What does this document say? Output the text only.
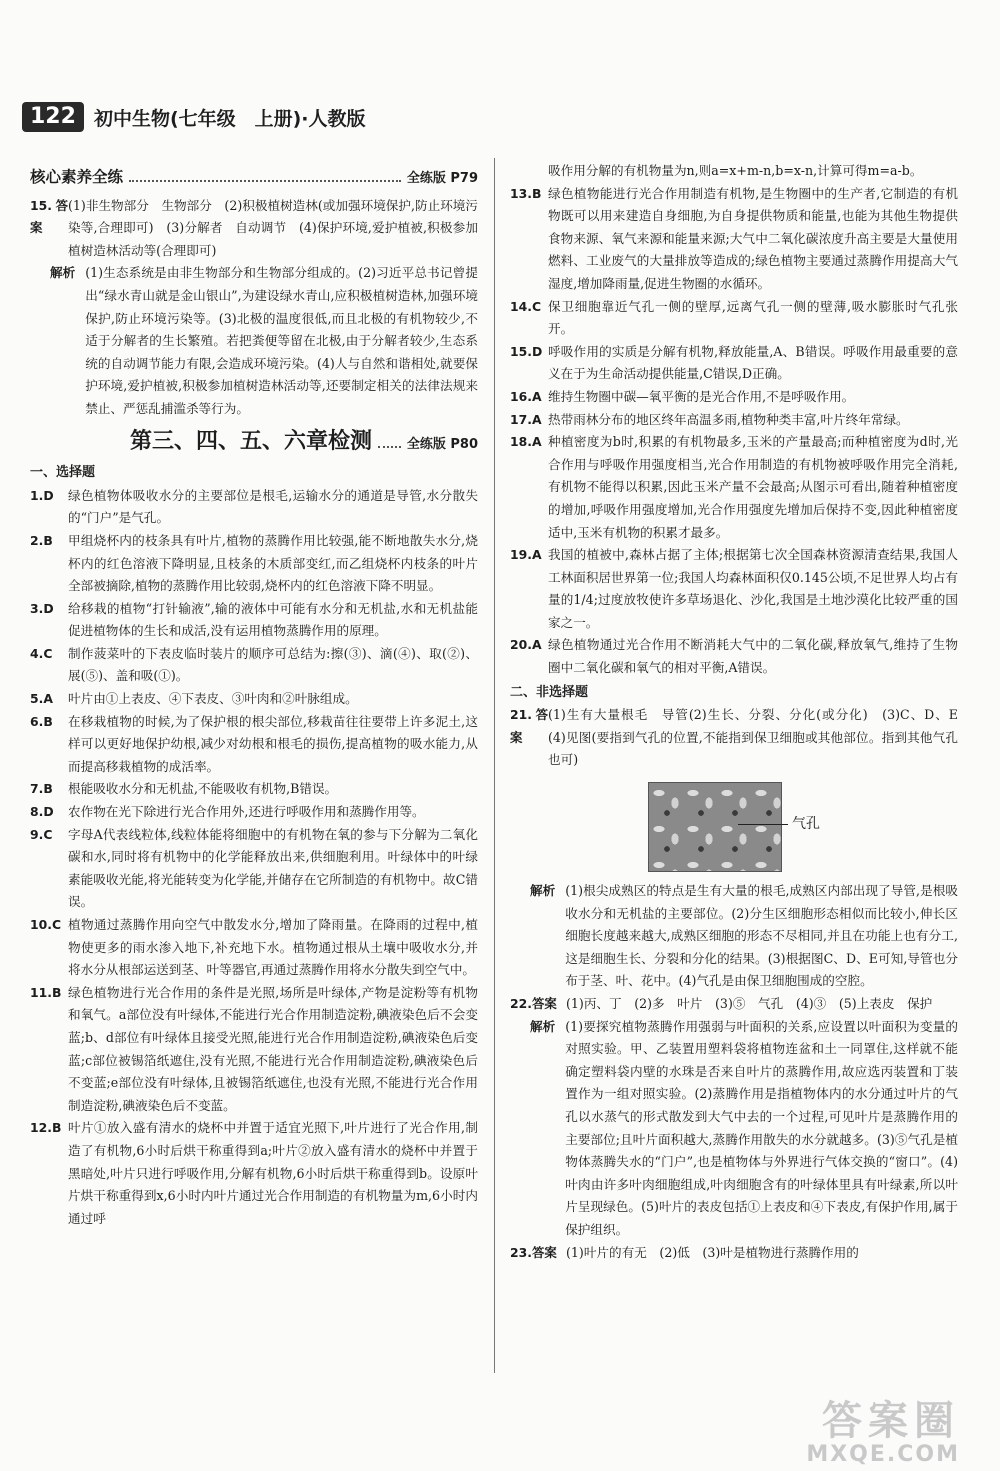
122 初中生物(七年级　上册)·人教版
核心素养全练	全练版 P79
15.答案
(1)非生物部分　生物部分　(2)积极植树造林(或加强环境保护,防止环境污染等,合理即可)　(3)分解者　自动调节　(4)保护环境,爱护植被,积极参加植树造林活动等(合理即可)
解析 (1)生态系统是由非生物部分和生物部分组成的。(2)习近平总书记曾提出“绿水青山就是金山银山”,为建设绿水青山,应积极植树造林,加强环境保护,防止环境污染等。(3)北极的温度很低,而且北极的有机物较少,不适于分解者的生长繁殖。若把粪便等留在北极,由于分解者较少,生态系统的自动调节能力有限,会造成环境污染。(4)人与自然和谐相处,就要保护环境,爱护植被,积极参加植树造林活动等,还要制定相关的法律法规来禁止、严惩乱捕滥杀等行为。
第三、四、五、六章检测	全练版 P80
一、选择题
1.D	绿色植物体吸收水分的主要部位是根毛,运输水分的通道是导管,水分散失的“门户”是气孔。
2.B	甲组烧杯内的枝条具有叶片,植物的蒸腾作用比较强,能不断地散失水分,烧杯内的红色溶液下降明显,且枝条的木质部变红,而乙组烧杯内枝条的叶片全部被摘除,植物的蒸腾作用比较弱,烧杯内的红色溶液下降不明显。
3.D	给移栽的植物“打针输液”,输的液体中可能有水分和无机盐,水和无机盐能促进植物体的生长和成活,没有运用植物蒸腾作用的原理。
4.C	制作菠菜叶的下表皮临时装片的顺序可总结为:擦(③)、滴(④)、取(②)、展(⑤)、盖和吸(①)。
5.A	叶片由①上表皮、④下表皮、③叶肉和②叶脉组成。
6.B	在移栽植物的时候,为了保护根的根尖部位,移栽苗往往要带上许多泥土,这样可以更好地保护幼根,减少对幼根和根毛的损伤,提高植物的吸水能力,从而提高移栽植物的成活率。
7.B	根能吸收水分和无机盐,不能吸收有机物,B错误。
8.D	农作物在光下除进行光合作用外,还进行呼吸作用和蒸腾作用等。
9.C	字母A代表线粒体,线粒体能将细胞中的有机物在氧的参与下分解为二氧化碳和水,同时将有机物中的化学能释放出来,供细胞利用。叶绿体中的叶绿素能吸收光能,将光能转变为化学能,并储存在它所制造的有机物中。故C错误。
10.C 植物通过蒸腾作用向空气中散发水分,增加了降雨量。在降雨的过程中,植物使更多的雨水渗入地下,补充地下水。植物通过根从土壤中吸收水分,并将水分从根部运送到茎、叶等器官,再通过蒸腾作用将水分散失到空气中。
11.B 绿色植物进行光合作用的条件是光照,场所是叶绿体,产物是淀粉等有机物和氧气。a部位没有叶绿体,不能进行光合作用制造淀粉,碘液染色后不会变蓝;b、d部位有叶绿体且接受光照,能进行光合作用制造淀粉,碘液染色后变蓝;c部位被锡箔纸遮住,没有光照,不能进行光合作用制造淀粉,碘液染色后不变蓝;e部位没有叶绿体,且被锡箔纸遮住,也没有光照,不能进行光合作用制造淀粉,碘液染色后不变蓝。
12.B 叶片①放入盛有清水的烧杯中并置于适宜光照下,叶片进行了光合作用,制造了有机物,6小时后烘干称重得到a;叶片②放入盛有清水的烧杯中并置于黑暗处,叶片只进行呼吸作用,分解有机物,6小时后烘干称重得到b。设原叶片烘干称重得到x,6小时内叶片通过光合作用制造的有机物量为m,6小时内通过呼
吸作用分解的有机物量为n,则a=x+m-n,b=x-n,计算可得m=a-b。
13.B 绿色植物能进行光合作用制造有机物,是生物圈中的生产者,它制造的有机物既可以用来建造自身细胞,为自身提供物质和能量,也能为其他生物提供食物来源、氧气来源和能量来源;大气中二氧化碳浓度升高主要是大量使用燃料、工业废气的大量排放等造成的;绿色植物主要通过蒸腾作用提高大气湿度,增加降雨量,促进生物圈的水循环。
14.C 保卫细胞靠近气孔一侧的壁厚,远离气孔一侧的壁薄,吸水膨胀时气孔张开。
15.D 呼吸作用的实质是分解有机物,释放能量,A、B错误。呼吸作用最重要的意义在于为生命活动提供能量,C错误,D正确。
16.A 维持生物圈中碳—氧平衡的是光合作用,不是呼吸作用。
17.A 热带雨林分布的地区终年高温多雨,植物种类丰富,叶片终年常绿。
18.A 种植密度为b时,积累的有机物最多,玉米的产量最高;而种植密度为d时,光合作用与呼吸作用强度相当,光合作用制造的有机物被呼吸作用完全消耗,有机物不能得以积累,因此玉米产量不会最高;从图示可看出,随着种植密度的增加,呼吸作用强度增加,光合作用强度先增加后保持不变,因此种植密度适中,玉米有机物的积累才最多。
19.A 我国的植被中,森林占据了主体;根据第七次全国森林资源清查结果,我国人工林面积居世界第一位;我国人均森林面积仅0.145公顷,不足世界人均占有量的1/4;过度放牧使许多草场退化、沙化,我国是土地沙漠化比较严重的国家之一。
20.A 绿色植物通过光合作用不断消耗大气中的二氧化碳,释放氧气,维持了生物圈中二氧化碳和氧气的相对平衡,A错误。
二、非选择题
21.答案
(1)生有大量根毛　导管(2)生长、分裂、分化(或分化)　(3)C、D、E　(4)见图(要指到气孔的位置,不能指到保卫细胞或其他部位。指到其他气孔也可)
气孔
解析 (1)根尖成熟区的特点是生有大量的根毛,成熟区内部出现了导管,是根吸收水分和无机盐的主要部位。(2)分生区细胞形态相似而比较小,伸长区细胞长度越来越大,成熟区细胞的形态不尽相同,并且在功能上也有分工,这是细胞生长、分裂和分化的结果。(3)根据图C、D、E可知,导管也分布于茎、叶、花中。(4)气孔是由保卫细胞围成的空腔。
22.答案 (1)丙、丁　(2)多　叶片　(3)⑤　气孔　(4)③　(5)上表皮　保护
解析 (1)要探究植物蒸腾作用强弱与叶面积的关系,应设置以叶面积为变量的对照实验。甲、乙装置用塑料袋将植物连盆和土一同罩住,这样就不能确定塑料袋内壁的水珠是否来自叶片的蒸腾作用,故应选丙装置和丁装置作为一组对照实验。(2)蒸腾作用是指植物体内的水分通过叶片的气孔以水蒸气的形式散发到大气中去的一个过程,可见叶片是蒸腾作用的主要部位;且叶片面积越大,蒸腾作用散失的水分就越多。(3)⑤气孔是植物体蒸腾失水的“门户”,也是植物体与外界进行气体交换的“窗口”。(4)叶肉由许多叶肉细胞组成,叶肉细胞含有的叶绿体里具有叶绿素,所以叶片呈现绿色。(5)叶片的表皮包括①上表皮和④下表皮,有保护作用,属于保护组织。
23.答案 (1)叶片的有无　(2)低　(3)叶是植物进行蒸腾作用的
答案圈
MXQE.COM
